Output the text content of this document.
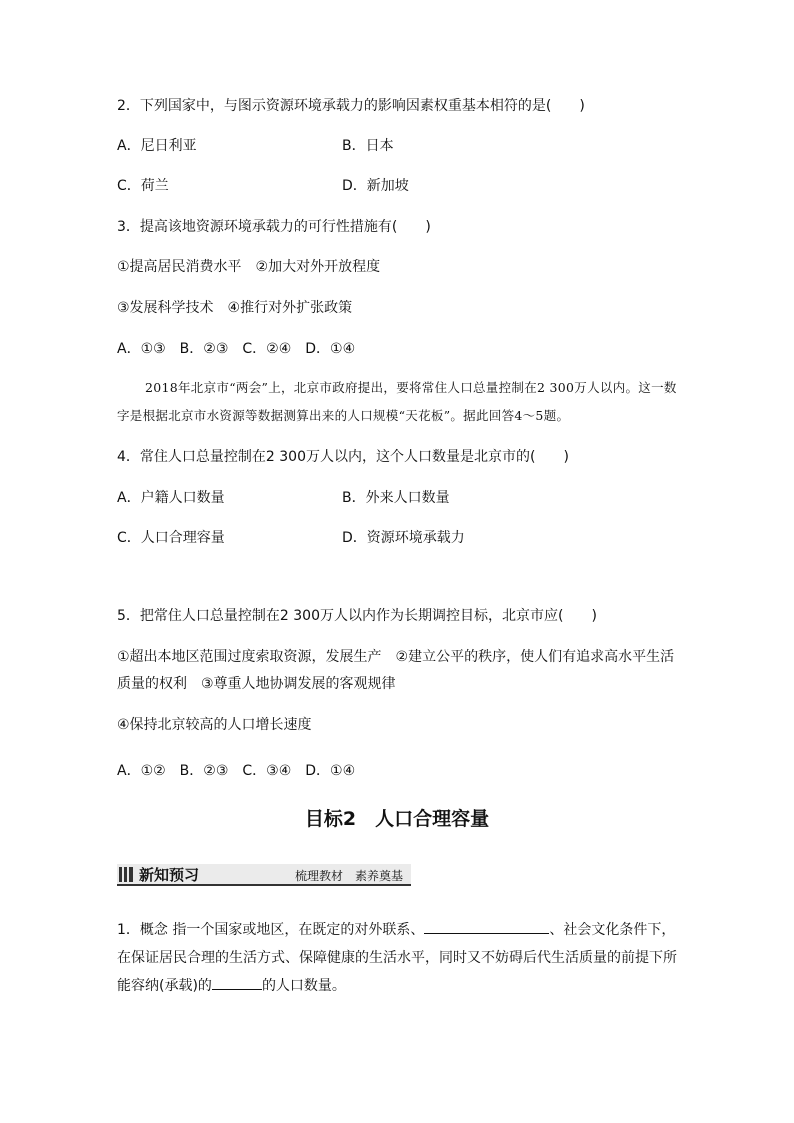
2．下列国家中，与图示资源环境承载力的影响因素权重基本相符的是(　　)
A．尼日利亚	B．日本
C．荷兰	D．新加坡
3．提高该地资源环境承载力的可行性措施有(　　)
①提高居民消费水平　②加大对外开放程度
③发展科学技术　④推行对外扩张政策
A．①③　B．②③　C．②④　D．①④
2018年北京市“两会”上，北京市政府提出，要将常住人口总量控制在2 300万人以内。这一数字是根据北京市水资源等数据测算出来的人口规模“天花板”。据此回答4～5题。
4．常住人口总量控制在2 300万人以内，这个人口数量是北京市的(　　)
A．户籍人口数量	B．外来人口数量
C．人口合理容量	D．资源环境承载力
5．把常住人口总量控制在2 300万人以内作为长期调控目标，北京市应(　　)
①超出本地区范围过度索取资源，发展生产　②建立公平的秩序，使人们有追求高水平生活
质量的权利　③尊重人地协调发展的客观规律
④保持北京较高的人口增长速度
A．①②　B．②③　C．③④　D．①④
目标2　人口合理容量
新知预习	梳理教材　素养奠基
1．概念 指一个国家或地区，在既定的对外联系、	、社会文化条件下，在保证居民合理的生活方式、保障健康的生活水平，同时又不妨碍后代生活质量的前提下所能容纳(承载)的	的人口数量。
